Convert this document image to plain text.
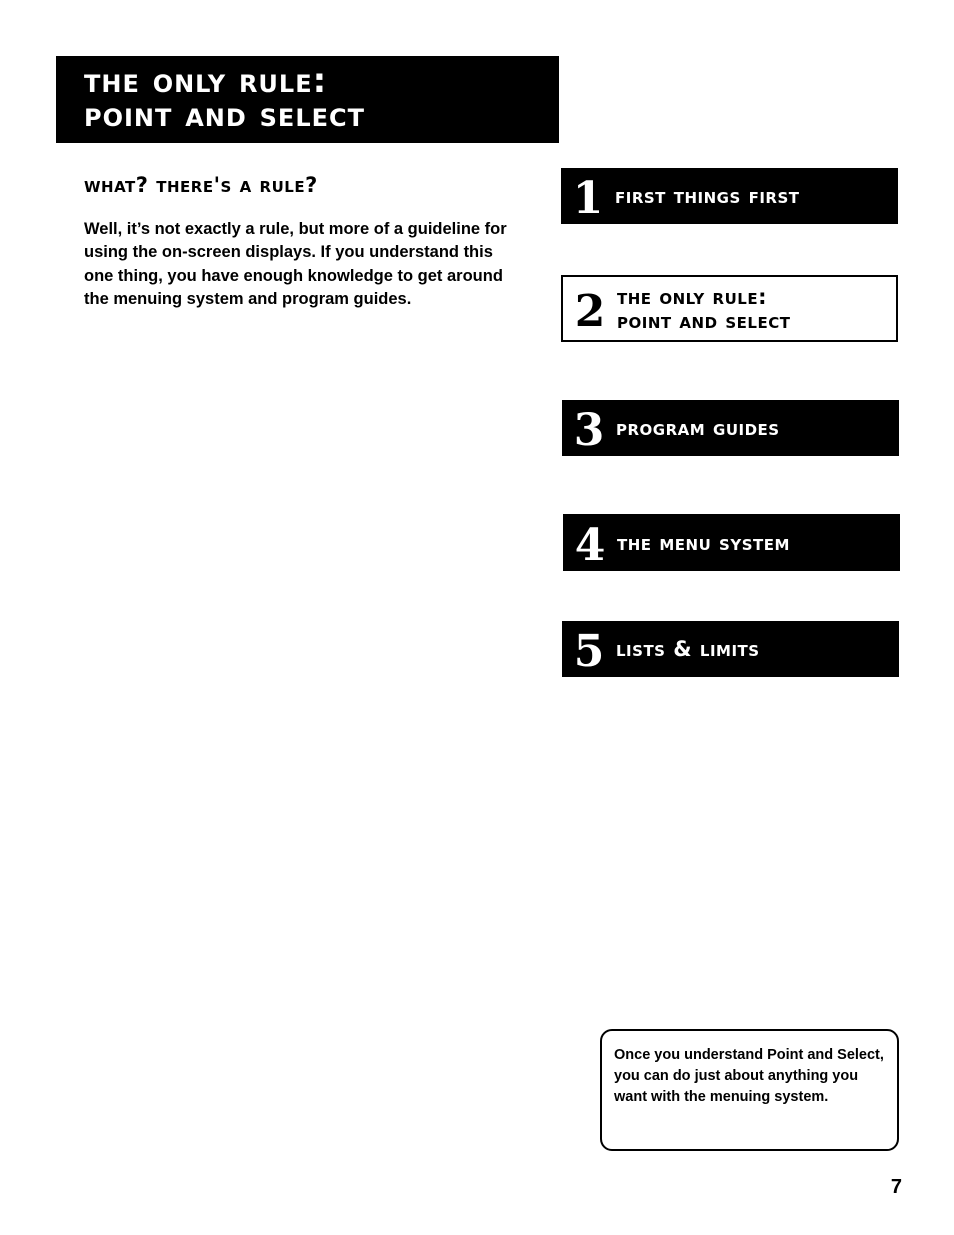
the only rule:
point and select
what? there's a rule?
Well, it’s not exactly a rule, but more of a guideline for using the on-screen displays. If you understand this one thing, you have enough knowledge to get around the menuing system and program guides.
1 first things first
2 the only rule:
point and select
3 program guides
4 the menu system
5 lists & limits
Once you understand Point and Select, you can do just about anything you want with the menuing system.
7
